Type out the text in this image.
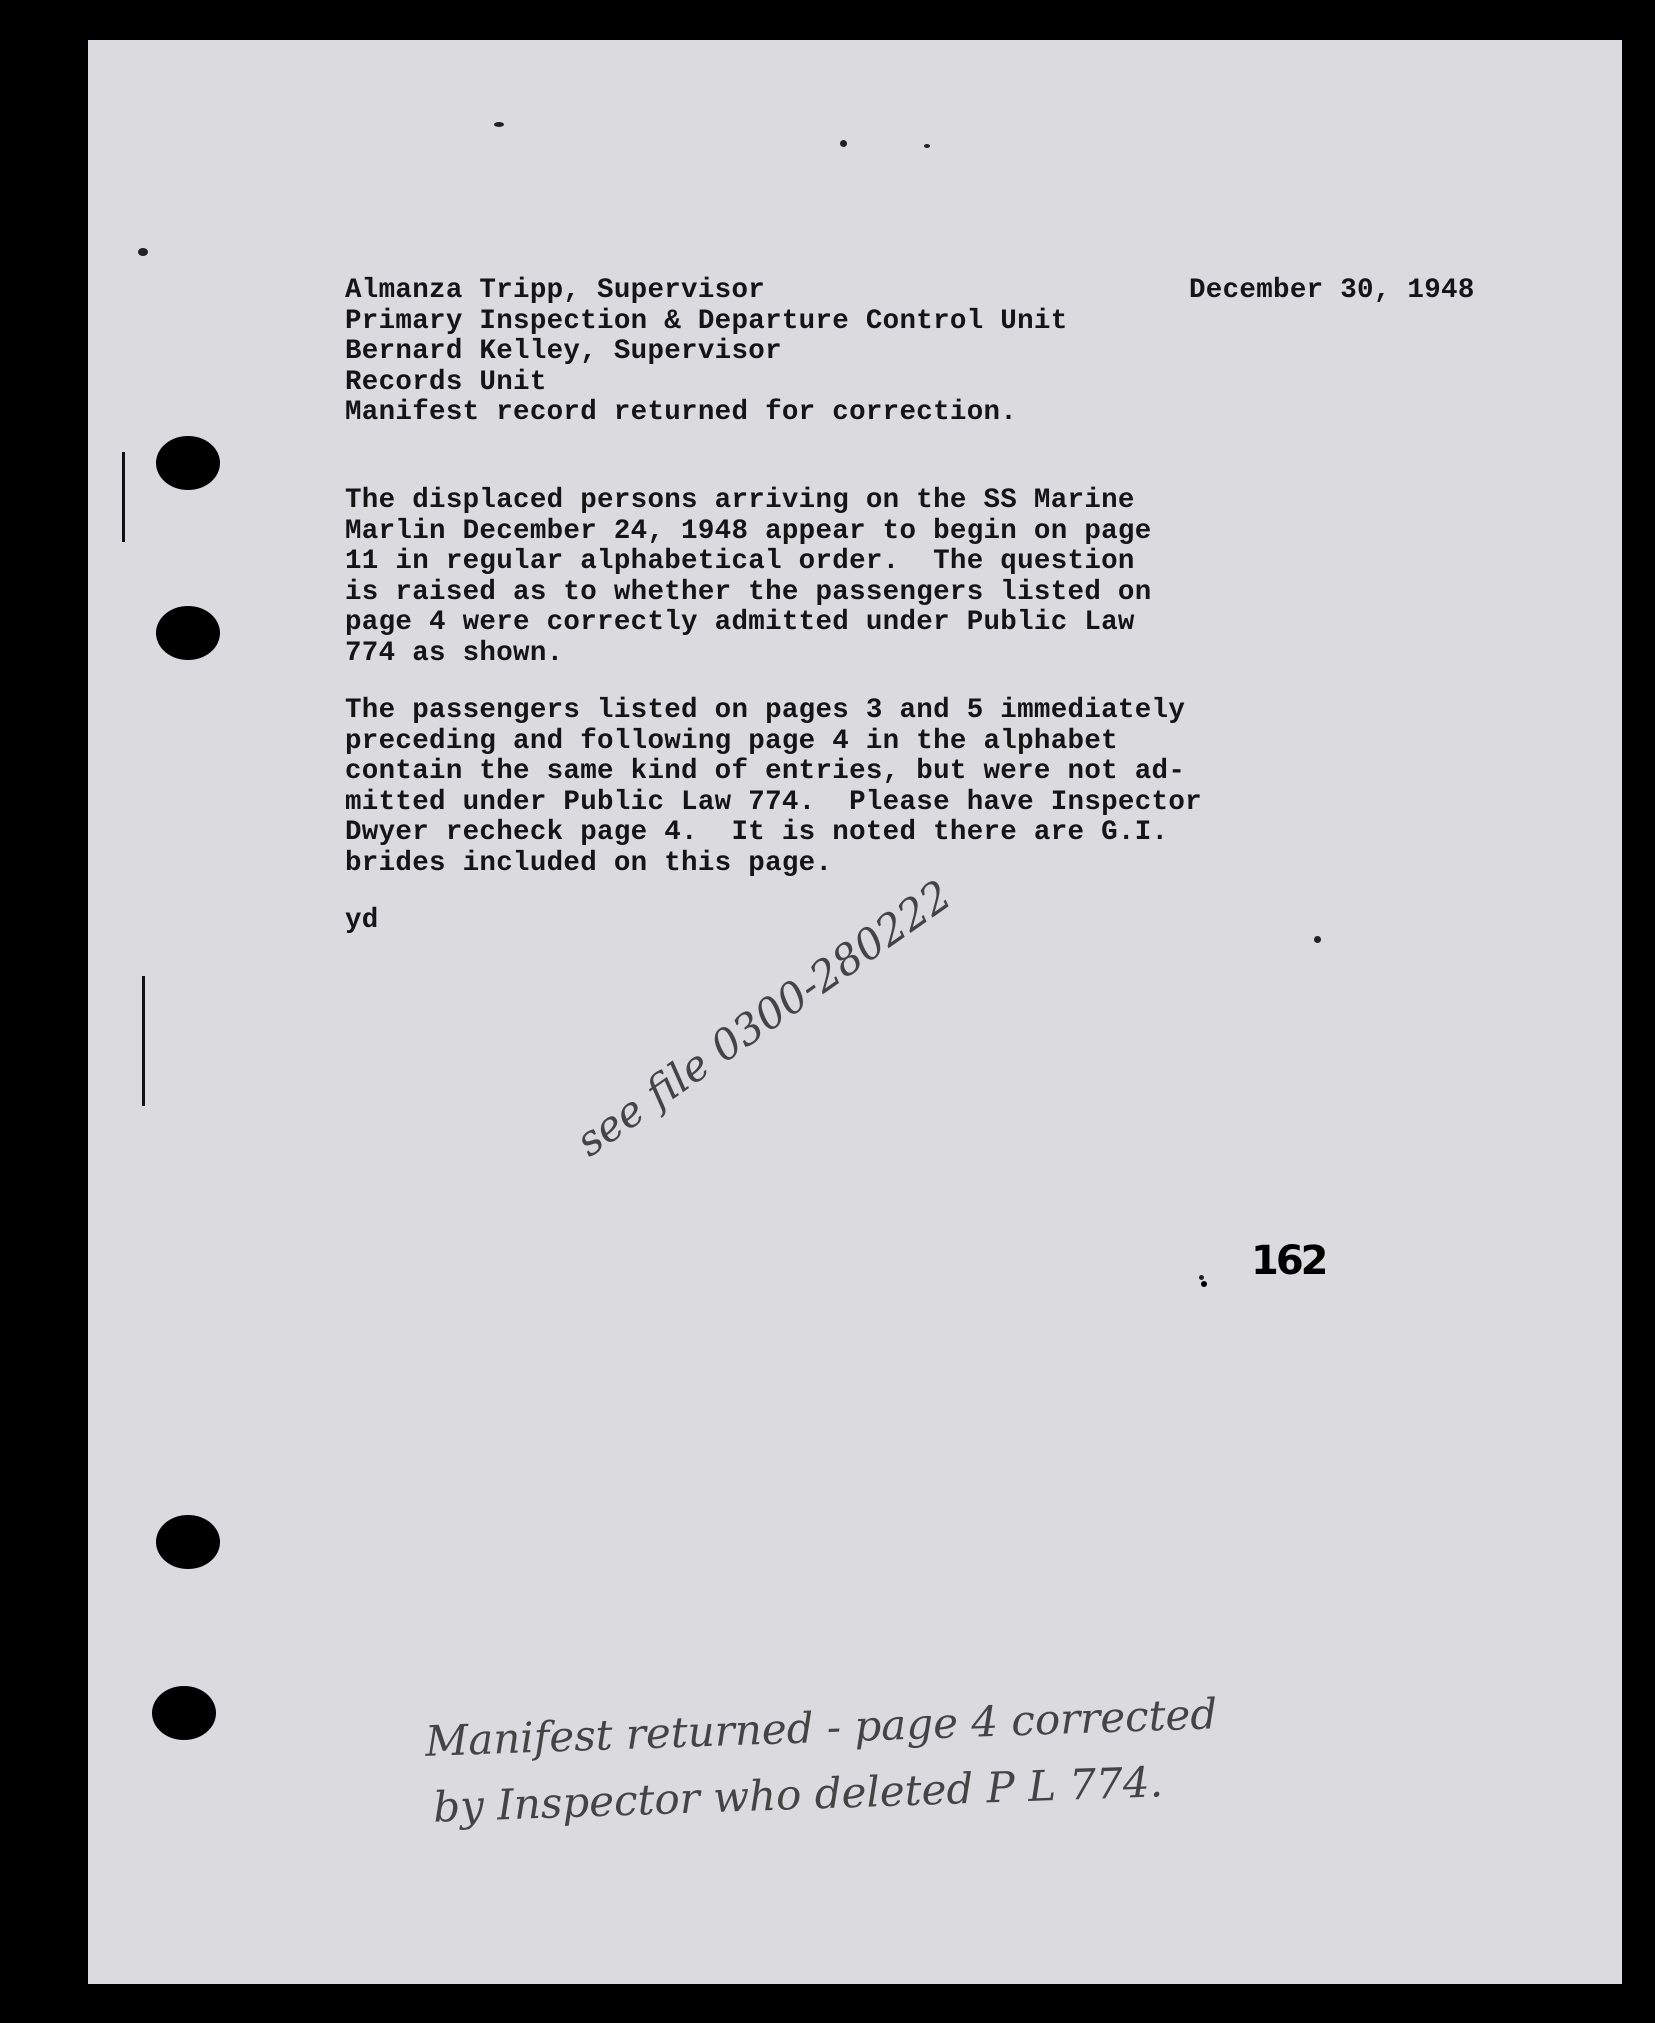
Almanza Tripp, Supervisor
Primary Inspection & Departure Control Unit
Bernard Kelley, Supervisor
Records Unit
Manifest record returned for correction.
December 30, 1948
The displaced persons arriving on the SS Marine
Marlin December 24, 1948 appear to begin on page
11 in regular alphabetical order.  The question
is raised as to whether the passengers listed on
page 4 were correctly admitted under Public Law
774 as shown.
The passengers listed on pages 3 and 5 immediately
preceding and following page 4 in the alphabet
contain the same kind of entries, but were not ad-
mitted under Public Law 774.  Please have Inspector
Dwyer recheck page 4.  It is noted there are G.I.
brides included on this page.
yd	see file 0300-280222
162
Manifest returned - page 4 corrected
by Inspector who deleted P L 774.
